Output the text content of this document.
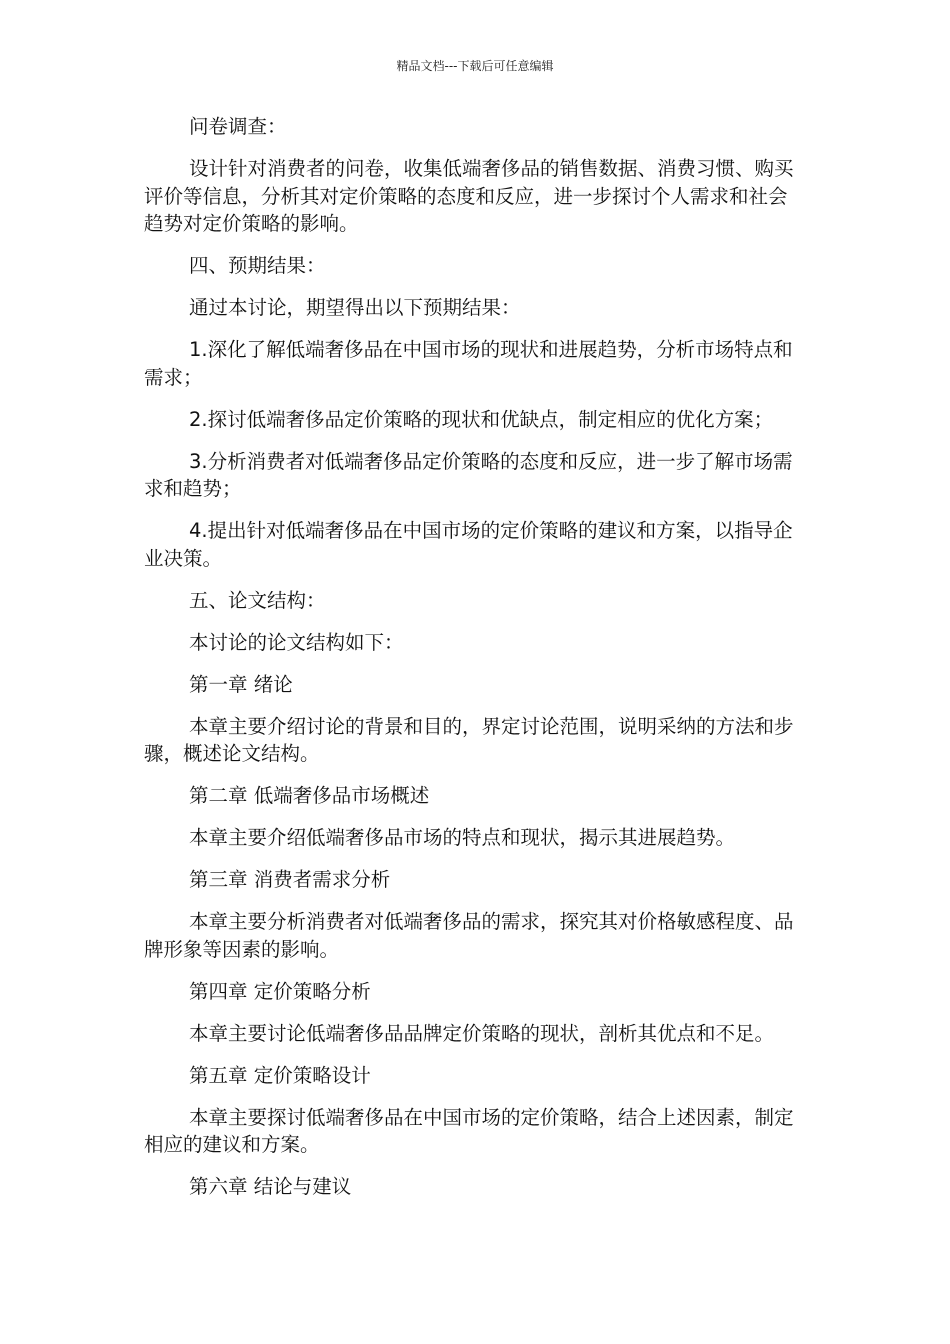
精品文档---下载后可任意编辑

问卷调查：

设计针对消费者的问卷，收集低端奢侈品的销售数据、消费习惯、购买评价等信息，分析其对定价策略的态度和反应，进一步探讨个人需求和社会趋势对定价策略的影响。

四、预期结果：

通过本讨论，期望得出以下预期结果：

1.深化了解低端奢侈品在中国市场的现状和进展趋势，分析市场特点和需求；

2.探讨低端奢侈品定价策略的现状和优缺点，制定相应的优化方案；

3.分析消费者对低端奢侈品定价策略的态度和反应，进一步了解市场需求和趋势；

4.提出针对低端奢侈品在中国市场的定价策略的建议和方案，以指导企业决策。

五、论文结构：

本讨论的论文结构如下：

第一章 绪论

本章主要介绍讨论的背景和目的，界定讨论范围，说明采纳的方法和步骤，概述论文结构。

第二章 低端奢侈品市场概述

本章主要介绍低端奢侈品市场的特点和现状，揭示其进展趋势。

第三章 消费者需求分析

本章主要分析消费者对低端奢侈品的需求，探究其对价格敏感程度、品牌形象等因素的影响。

第四章 定价策略分析

本章主要讨论低端奢侈品品牌定价策略的现状，剖析其优点和不足。

第五章 定价策略设计

本章主要探讨低端奢侈品在中国市场的定价策略，结合上述因素，制定相应的建议和方案。

第六章 结论与建议
